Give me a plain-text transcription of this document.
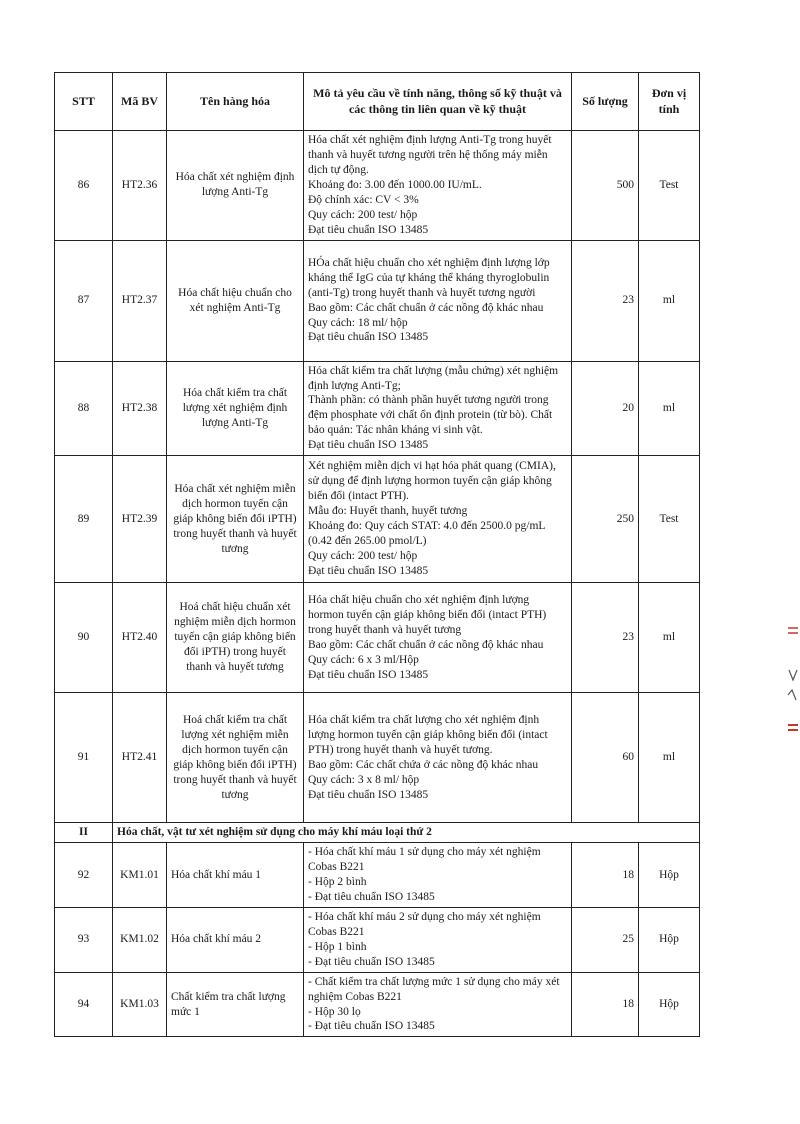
STT	Mã BV	Tên hàng hóa	Mô tả yêu cầu về tính năng, thông số kỹ thuật và các thông tin liên quan về kỹ thuật	Số lượng	Đơn vị tính
86	HT2.36	Hóa chất xét nghiệm định lượng Anti-Tg	Hóa chất xét nghiệm định lượng Anti-Tg trong huyết thanh và huyết tương người trên hệ thống máy miễn dịch tự động.
Khoảng đo: 3.00 đến 1000.00 IU/mL.
Độ chính xác: CV < 3%
Quy cách: 200 test/ hộp
Đạt tiêu chuẩn ISO 13485	500	Test
87	HT2.37	Hóa chất hiệu chuẩn cho xét nghiệm Anti-Tg	HÓa chất hiệu chuẩn cho xét nghiệm định lượng lớp kháng thể IgG của tự kháng thể kháng thyroglobulin (anti-Tg) trong huyết thanh và huyết tương người
Bao gồm: Các chất chuẩn ở các nồng độ khác nhau
Quy cách: 18 ml/ hộp
Đạt tiêu chuẩn ISO 13485	23	ml
88	HT2.38	Hóa chất kiểm tra chất lượng xét nghiệm định lượng Anti-Tg	Hóa chất kiểm tra chất lượng (mẫu chứng) xét nghiệm định lượng Anti-Tg;
Thành phần: có thành phần huyết tương người trong đệm phosphate với chất ổn định protein (từ bò). Chất bảo quản: Tác nhân kháng vi sinh vật.
Đạt tiêu chuẩn ISO 13485	20	ml
89	HT2.39	Hóa chất xét nghiệm miễn dịch hormon tuyến cận giáp không biến đổi iPTH) trong huyết thanh và huyết tương	Xét nghiệm miễn dịch vi hạt hóa phát quang (CMIA), sử dụng để định lượng hormon tuyến cận giáp không biến đổi (intact PTH).
Mẫu đo: Huyết thanh, huyết tương
Khoảng đo: Quy cách STAT: 4.0 đến 2500.0 pg/mL (0.42 đến 265.00 pmol/L)
Quy cách: 200 test/ hộp
Đạt tiêu chuẩn ISO 13485	250	Test
90	HT2.40	Hoá chất hiệu chuẩn xét nghiệm miễn dịch hormon tuyến cận giáp không biến đổi iPTH) trong huyết thanh và huyết tương	Hóa chất hiệu chuẩn cho xét nghiệm định lượng hormon tuyến cận giáp không biến đổi (intact PTH) trong huyết thanh và huyết tương
Bao gồm: Các chất chuẩn ở các nồng độ khác nhau
Quy cách: 6 x 3 ml/Hộp
Đạt tiêu chuẩn ISO 13485	23	ml
91	HT2.41	Hoá chất kiểm tra chất lượng xét nghiệm miễn dịch hormon tuyến cận giáp không biến đổi iPTH) trong huyết thanh và huyết tương	Hóa chất kiểm tra chất lượng cho xét nghiệm định lượng hormon tuyến cận giáp không biến đổi (intact PTH) trong huyết thanh và huyết tương.
Bao gồm: Các chất chứa ở các nồng độ khác nhau
Quy cách: 3 x 8 ml/ hộp
Đạt tiêu chuẩn ISO 13485	60	ml
II	Hóa chất, vật tư xét nghiệm sử dụng cho máy khí máu loại thứ 2				
92	KM1.01	Hóa chất khí máu 1	- Hóa chất khí máu 1 sử dụng cho máy xét nghiệm Cobas B221
- Hộp 2 bình
- Đạt tiêu chuẩn ISO 13485	18	Hộp
93	KM1.02	Hóa chất khí máu 2	- Hóa chất khí máu 2 sử dụng cho máy xét nghiệm Cobas B221
- Hộp 1 bình
- Đạt tiêu chuẩn ISO 13485	25	Hộp
94	KM1.03	Chất kiểm tra chất lượng mức 1	- Chất kiểm tra chất lượng mức 1 sử dụng cho máy xét nghiệm Cobas B221
- Hộp 30 lọ
- Đạt tiêu chuẩn ISO 13485	18	Hộp
